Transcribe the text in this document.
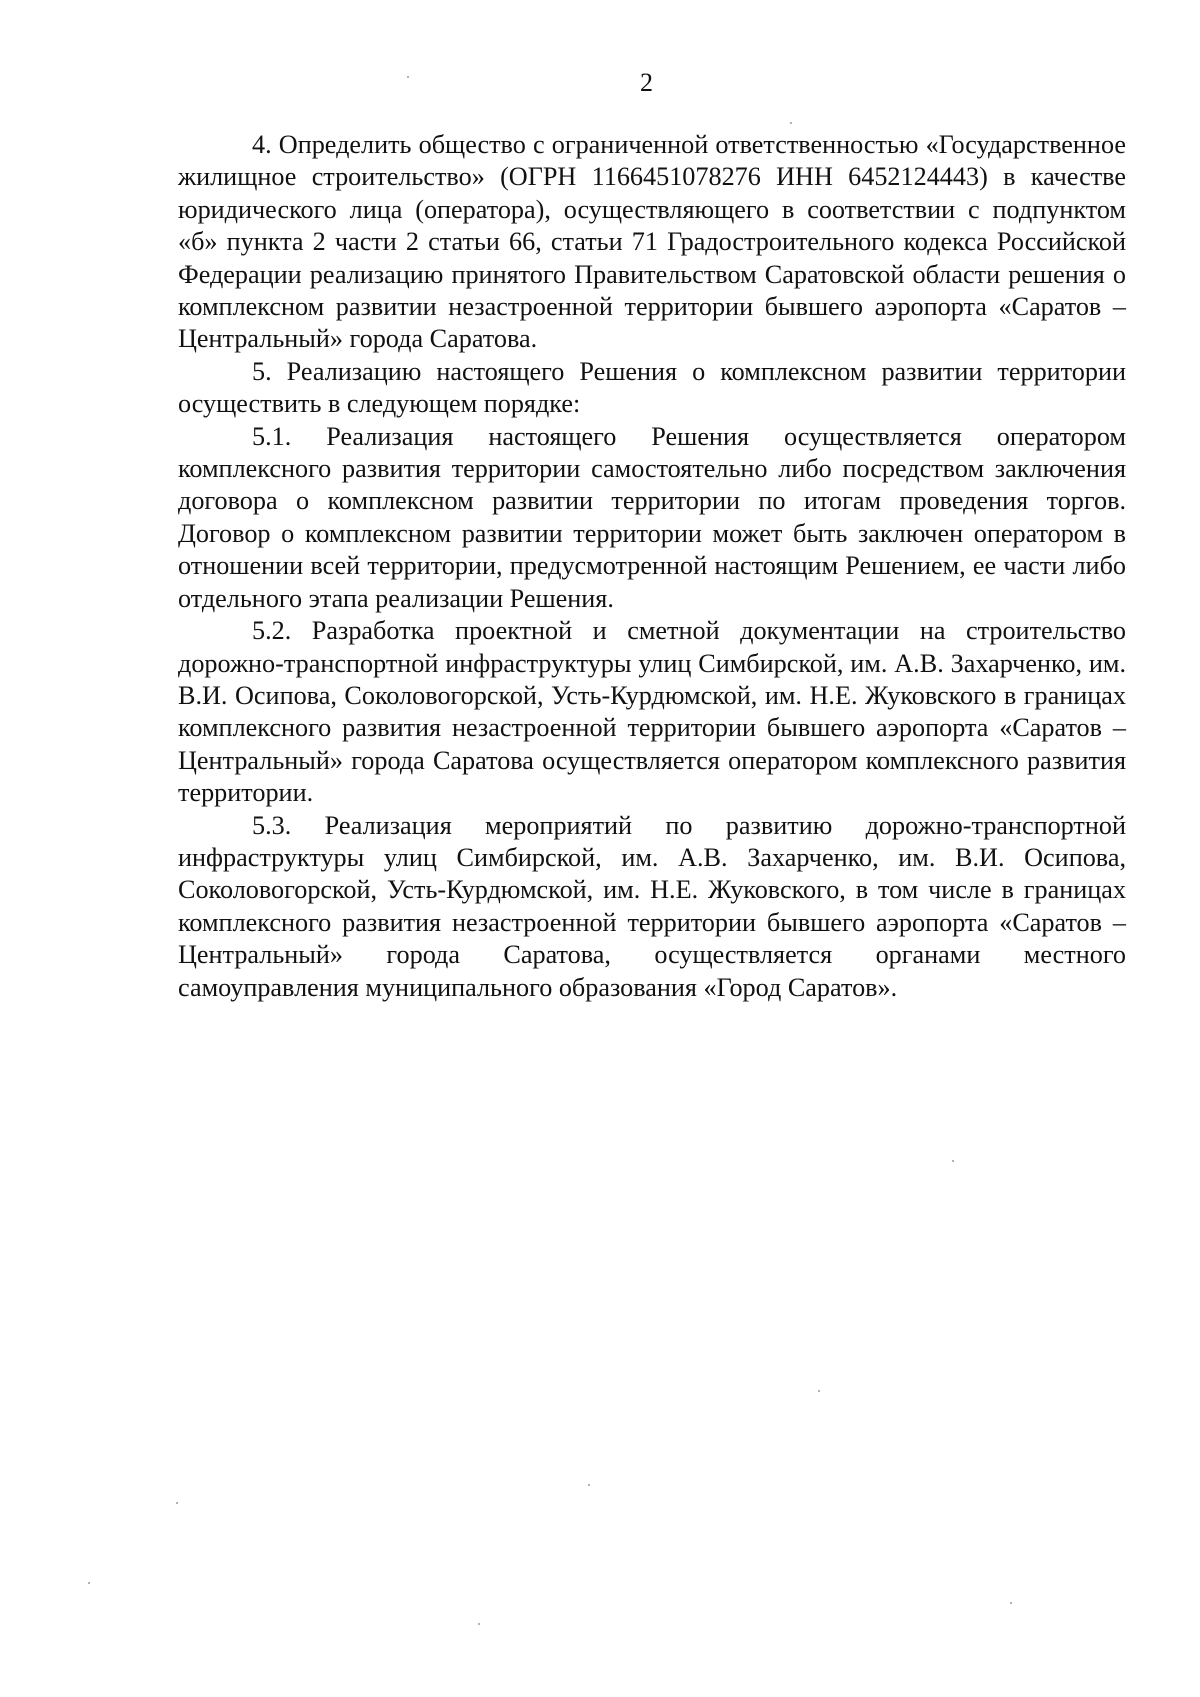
2

4. Определить общество с ограниченной ответственностью «Государственное жилищное строительство» (ОГРН 1166451078276 ИНН 6452124443) в качестве юридического лица (оператора), осуществляющего в соответствии с подпунктом «б» пункта 2 части 2 статьи 66, статьи 71 Градостроительного кодекса Российской Федерации реализацию принятого Правительством Саратовской области решения о комплексном развитии незастроенной территории бывшего аэропорта «Саратов – Центральный» города Саратова.

5. Реализацию настоящего Решения о комплексном развитии территории осуществить в следующем порядке:

5.1. Реализация настоящего Решения осуществляется оператором комплексного развития территории самостоятельно либо посредством заключения договора о комплексном развитии территории по итогам проведения торгов. Договор о комплексном развитии территории может быть заключен оператором в отношении всей территории, предусмотренной настоящим Решением, ее части либо отдельного этапа реализации Решения.

5.2. Разработка проектной и сметной документации на строительство дорожно-транспортной инфраструктуры улиц Симбирской, им. А.В. Захарченко, им. В.И. Осипова, Соколовогорской, Усть-Курдюмской, им. Н.Е. Жуковского в границах комплексного развития незастроенной территории бывшего аэропорта «Саратов – Центральный» города Саратова осуществляется оператором комплексного развития территории.

5.3. Реализация мероприятий по развитию дорожно-транспортной инфраструктуры улиц Симбирской, им. А.В. Захарченко, им. В.И. Осипова, Соколовогорской, Усть-Курдюмской, им. Н.Е. Жуковского, в том числе в границах комплексного развития незастроенной территории бывшего аэропорта «Саратов – Центральный» города Саратова, осуществляется органами местного самоуправления муниципального образования «Город Саратов».
